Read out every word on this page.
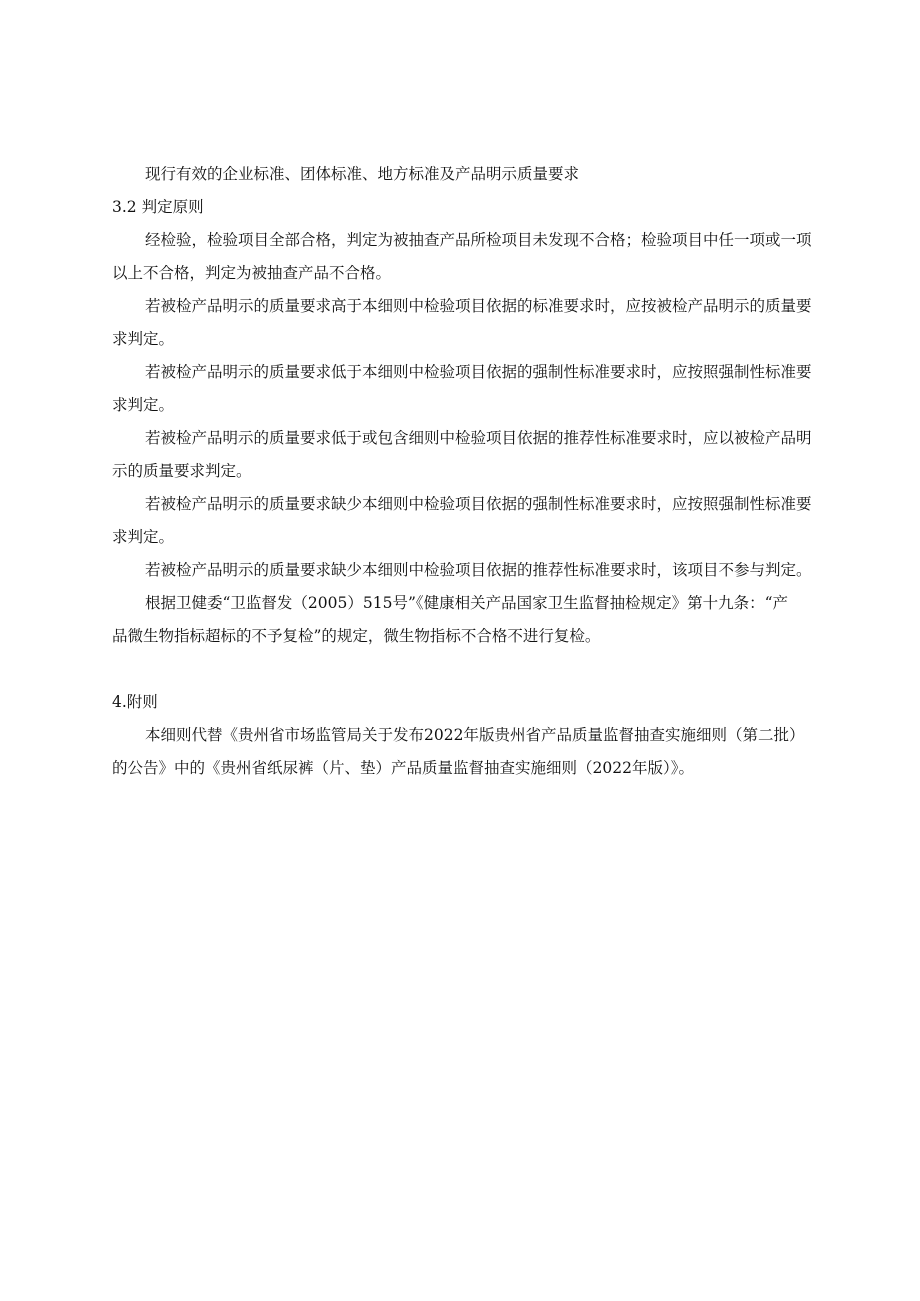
现行有效的企业标准、团体标准、地方标准及产品明示质量要求
3.2 判定原则
经检验，检验项目全部合格，判定为被抽查产品所检项目未发现不合格；检验项目中任一项或一项
以上不合格，判定为被抽查产品不合格。
若被检产品明示的质量要求高于本细则中检验项目依据的标准要求时，应按被检产品明示的质量要
求判定。
若被检产品明示的质量要求低于本细则中检验项目依据的强制性标准要求时，应按照强制性标准要
求判定。
若被检产品明示的质量要求低于或包含细则中检验项目依据的推荐性标准要求时，应以被检产品明
示的质量要求判定。
若被检产品明示的质量要求缺少本细则中检验项目依据的强制性标准要求时，应按照强制性标准要
求判定。
若被检产品明示的质量要求缺少本细则中检验项目依据的推荐性标准要求时，该项目不参与判定。
根据卫健委“卫监督发（2005）515号”《健康相关产品国家卫生监督抽检规定》第十九条：“产
品微生物指标超标的不予复检”的规定，微生物指标不合格不进行复检。
4.附则
本细则代替《贵州省市场监管局关于发布2022年版贵州省产品质量监督抽查实施细则（第二批）
的公告》中的《贵州省纸尿裤（片、垫）产品质量监督抽查实施细则（2022年版）》。
